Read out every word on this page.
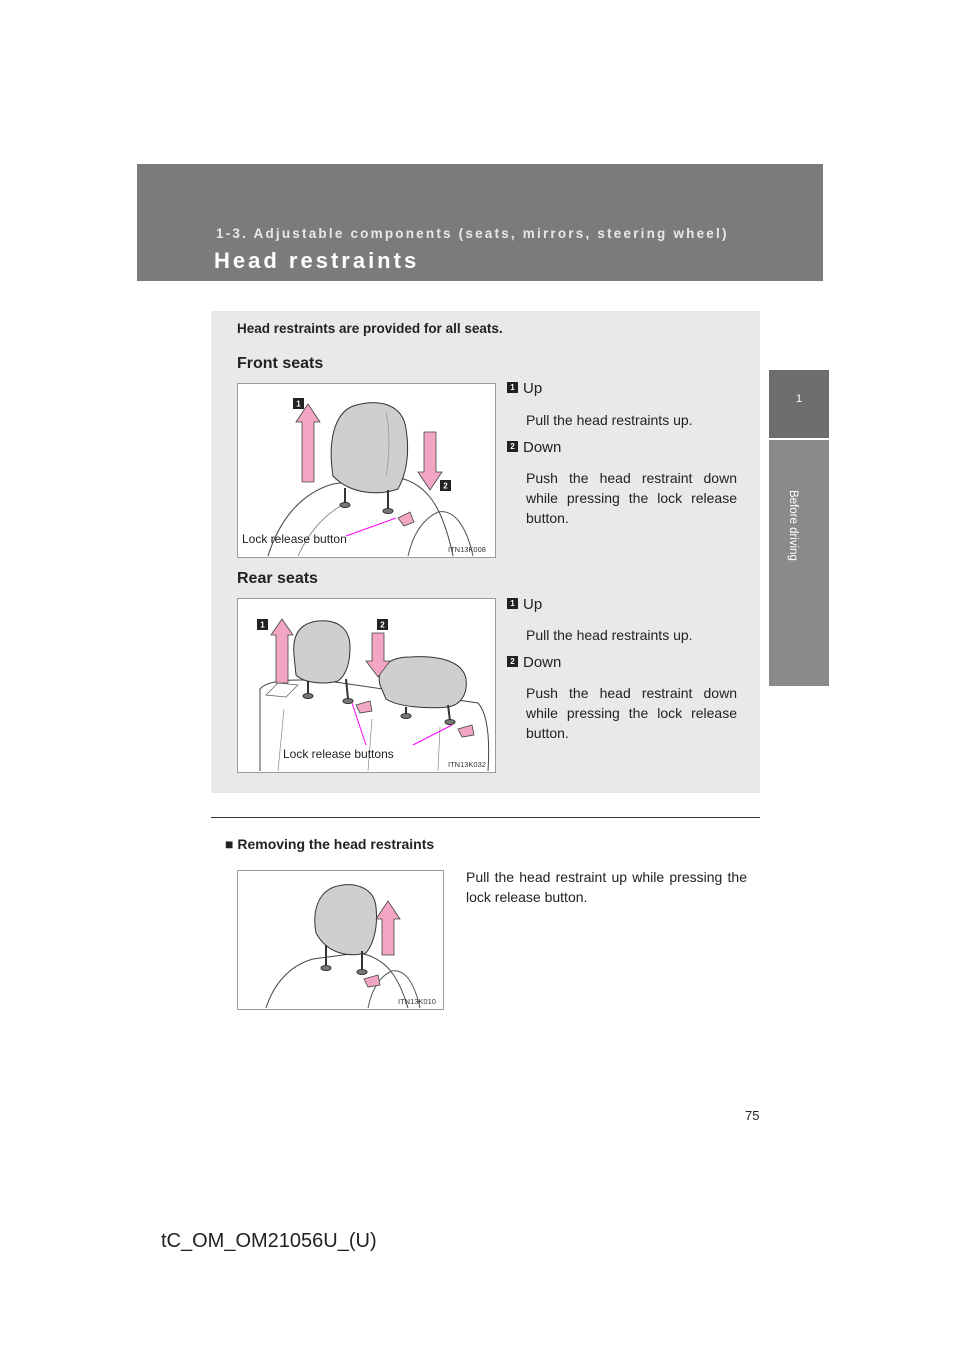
1-3. Adjustable components (seats, mirrors, steering wheel)
Head restraints
1
Before driving
Head restraints are provided for all seats.
Front seats
1
2
Lock release button
ITN13K008
1 Up
Pull the head restraints up.
2 Down
Push the head restraint down while pressing the lock release button.
Rear seats
1	2
Lock release buttons
ITN13K032
1 Up
Pull the head restraints up.
2 Down
Push the head restraint down while pressing the lock release button.
■ Removing the head restraints
ITN13K010
Pull the head restraint up while pressing the lock release button.
75
tC_OM_OM21056U_(U)
